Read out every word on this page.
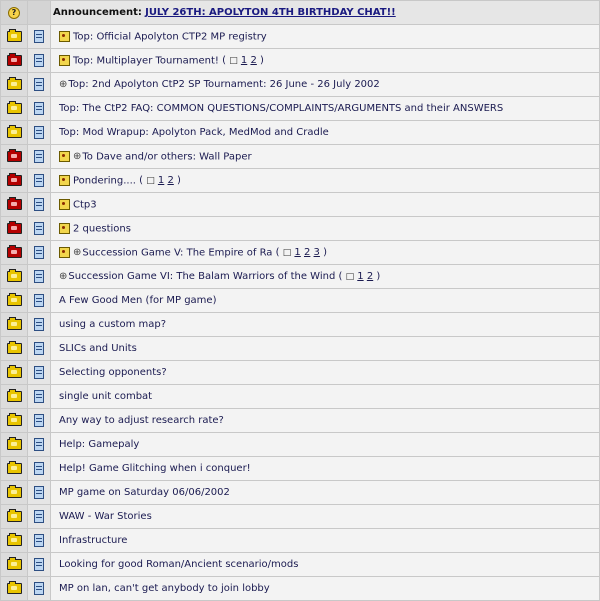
?		Announcement: JULY 26TH: APOLYTON 4TH BIRTHDAY CHAT!!
		Top: Official Apolyton CTP2 MP registry
		Top: Multiplayer Tournament! ( □ 1 2 )
		⊕Top: 2nd Apolyton CtP2 SP Tournament: 26 June - 26 July 2002
		Top: The CtP2 FAQ: COMMON QUESTIONS/COMPLAINTS/ARGUMENTS and their ANSWERS
		Top: Mod Wrapup: Apolyton Pack, MedMod and Cradle
		⊕To Dave and/or others: Wall Paper
		Pondering.... ( □ 1 2 )
		Ctp3
		2 questions
		⊕Succession Game V: The Empire of Ra ( □ 1 2 3 )
		⊕Succession Game VI: The Balam Warriors of the Wind ( □ 1 2 )
		A Few Good Men (for MP game)
		using a custom map?
		SLICs and Units
		Selecting opponents?
		single unit combat
		Any way to adjust research rate?
		Help: Gamepaly
		Help! Game Glitching when i conquer!
		MP game on Saturday 06/06/2002
		WAW - War Stories
		Infrastructure
		Looking for good Roman/Ancient scenario/mods
		MP on lan, can't get anybody to join lobby
